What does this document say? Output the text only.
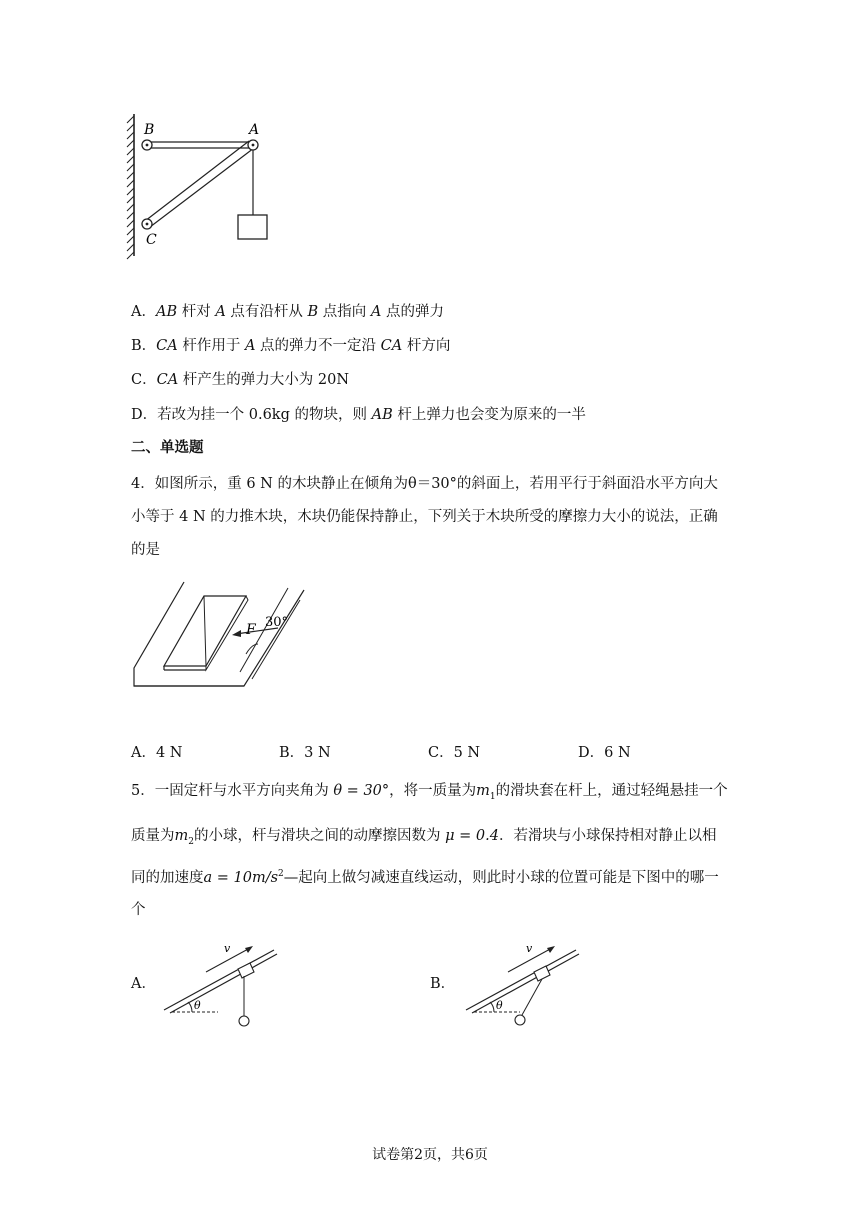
B	A
C
A．AB 杆对 A 点有沿杆从 B 点指向 A 点的弹力
B．CA 杆作用于 A 点的弹力不一定沿 CA 杆方向
C．CA 杆产生的弹力大小为 20N
D．若改为挂一个 0.6kg 的物块，则 AB 杆上弹力也会变为原来的一半
二、单选题
4．如图所示，重 6 N 的木块静止在倾角为θ＝30°的斜面上，若用平行于斜面沿水平方向大
小等于 4 N 的力推木块，木块仍能保持静止，下列关于木块所受的摩擦力大小的说法，正确
的是
F 30°
A．4 N	B．3 N	C．5 N	D．6 N
5．一固定杆与水平方向夹角为 θ = 30°，将一质量为$m_1$的滑块套在杆上，通过轻绳悬挂一个
质量为$m_2$的小球，杆与滑块之间的动摩擦因数为 μ = 0.4．若滑块与小球保持相对静止以相
同的加速度$a = 10m/s^2—$起向上做匀减速直线运动，则此时小球的位置可能是下图中的哪一
个
A．
θ
v
B．
θ
v
试卷第2页，共6页
